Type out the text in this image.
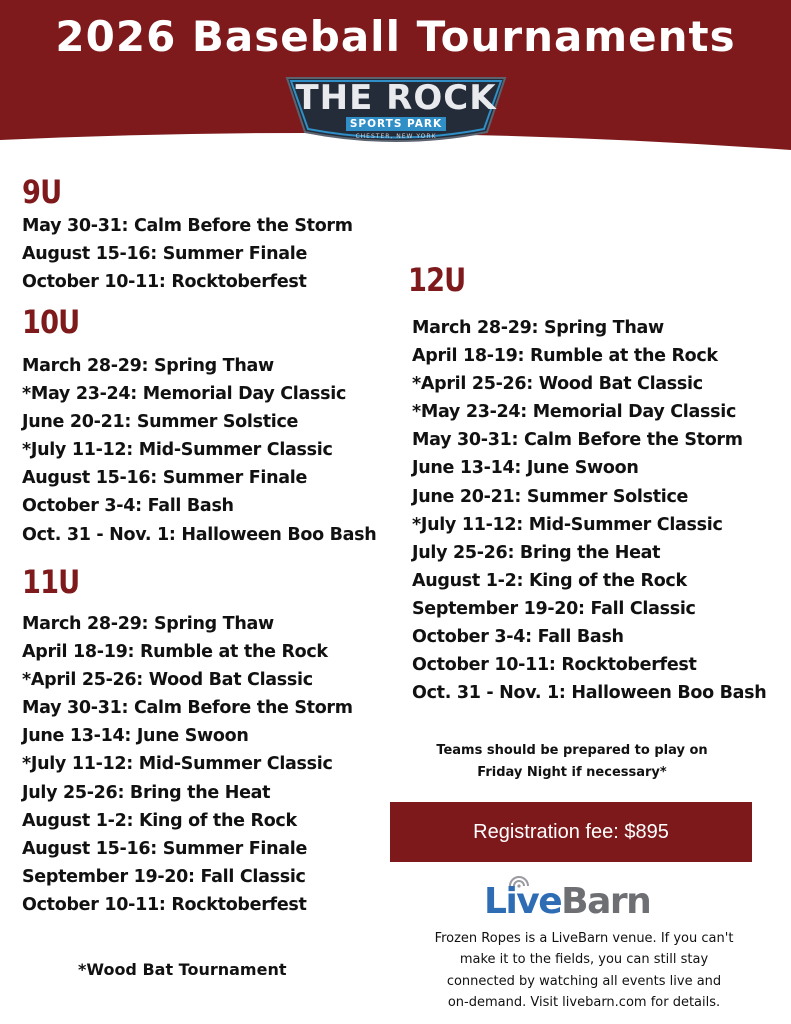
2026 Baseball Tournaments
THE ROCK
SPORTS PARK
CHESTER, NEW YORK
9U
May 30-31: Calm Before the Storm
August 15-16: Summer Finale
October 10-11: Rocktoberfest
10U
March 28-29: Spring Thaw
*May 23-24: Memorial Day Classic
June 20-21: Summer Solstice
*July 11-12: Mid-Summer Classic
August 15-16: Summer Finale
October 3-4: Fall Bash
Oct. 31 - Nov. 1: Halloween Boo Bash
11U
March 28-29: Spring Thaw
April 18-19: Rumble at the Rock
*April 25-26: Wood Bat Classic
May 30-31: Calm Before the Storm
June 13-14: June Swoon
*July 11-12: Mid-Summer Classic
July 25-26: Bring the Heat
August 1-2: King of the Rock
August 15-16: Summer Finale
September 19-20: Fall Classic
October 10-11: Rocktoberfest
12U
March 28-29: Spring Thaw
April 18-19: Rumble at the Rock
*April 25-26: Wood Bat Classic
*May 23-24: Memorial Day Classic
May 30-31: Calm Before the Storm
June 13-14: June Swoon
June 20-21: Summer Solstice
*July 11-12: Mid-Summer Classic
July 25-26: Bring the Heat
August 1-2: King of the Rock
September 19-20: Fall Classic
October 3-4: Fall Bash
October 10-11: Rocktoberfest
Oct. 31 - Nov. 1: Halloween Boo Bash
Teams should be prepared to play on
Friday Night if necessary*
Registration fee: $895
LiveBarn
Frozen Ropes is a LiveBarn venue. If you can't
make it to the fields, you can still stay
connected by watching all events live and
on-demand. Visit livebarn.com for details.
*Wood Bat Tournament
